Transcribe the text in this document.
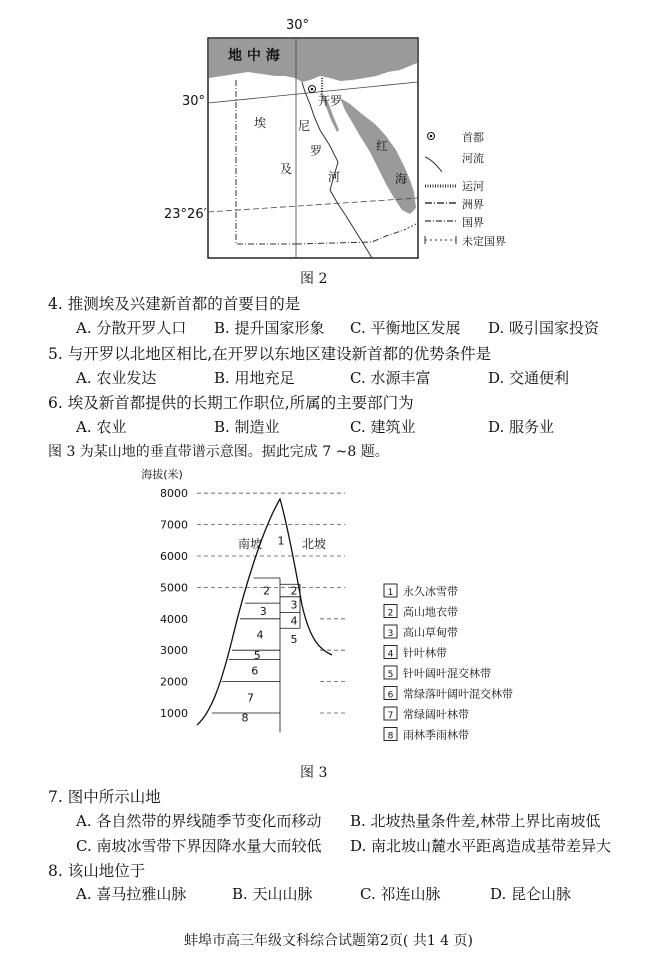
30°
30°
23°26′
地 中 海
开罗
埃
及
尼
罗
河
红
海
首都
河流
运河
洲界
国界
未定国界
图 2
4. 推测埃及兴建新首都的首要目的是
A. 分散开罗人口 B. 提升国家形象 C. 平衡地区发展 D. 吸引国家投资
5. 与开罗以北地区相比,在开罗以东地区建设新首都的优势条件是
A. 农业发达	B. 用地充足	C. 水源丰富	D. 交通便利
6. 埃及新首都提供的长期工作职位,所属的主要部门为
A. 农业	B. 制造业	C. 建筑业	D. 服务业
图 3 为某山地的垂直带谱示意图。据此完成 7 ~8 题。
海拔(米)
1000
2000
3000
4000
5000
6000
7000
8000
1
2
3
4
5
6
7
8
2
3
4
5
南坡	北坡
1 永久冰雪带
2 高山地衣带
3 高山草甸带
4 针叶林带
5 针叶阔叶混交林带
6 常绿落叶阔叶混交林带
7 常绿阔叶林带
8 雨林季雨林带
图 3
7. 图中所示山地
A. 各自然带的界线随季节变化而移动 B. 北坡热量条件差,林带上界比南坡低
C. 南坡冰雪带下界因降水量大而较低 D. 南北坡山麓水平距离造成基带差异大
8. 该山地位于
A. 喜马拉雅山脉	B. 天山山脉	C. 祁连山脉	D. 昆仑山脉
蚌埠市高三年级文科综合试题第2页( 共1 4 页)
